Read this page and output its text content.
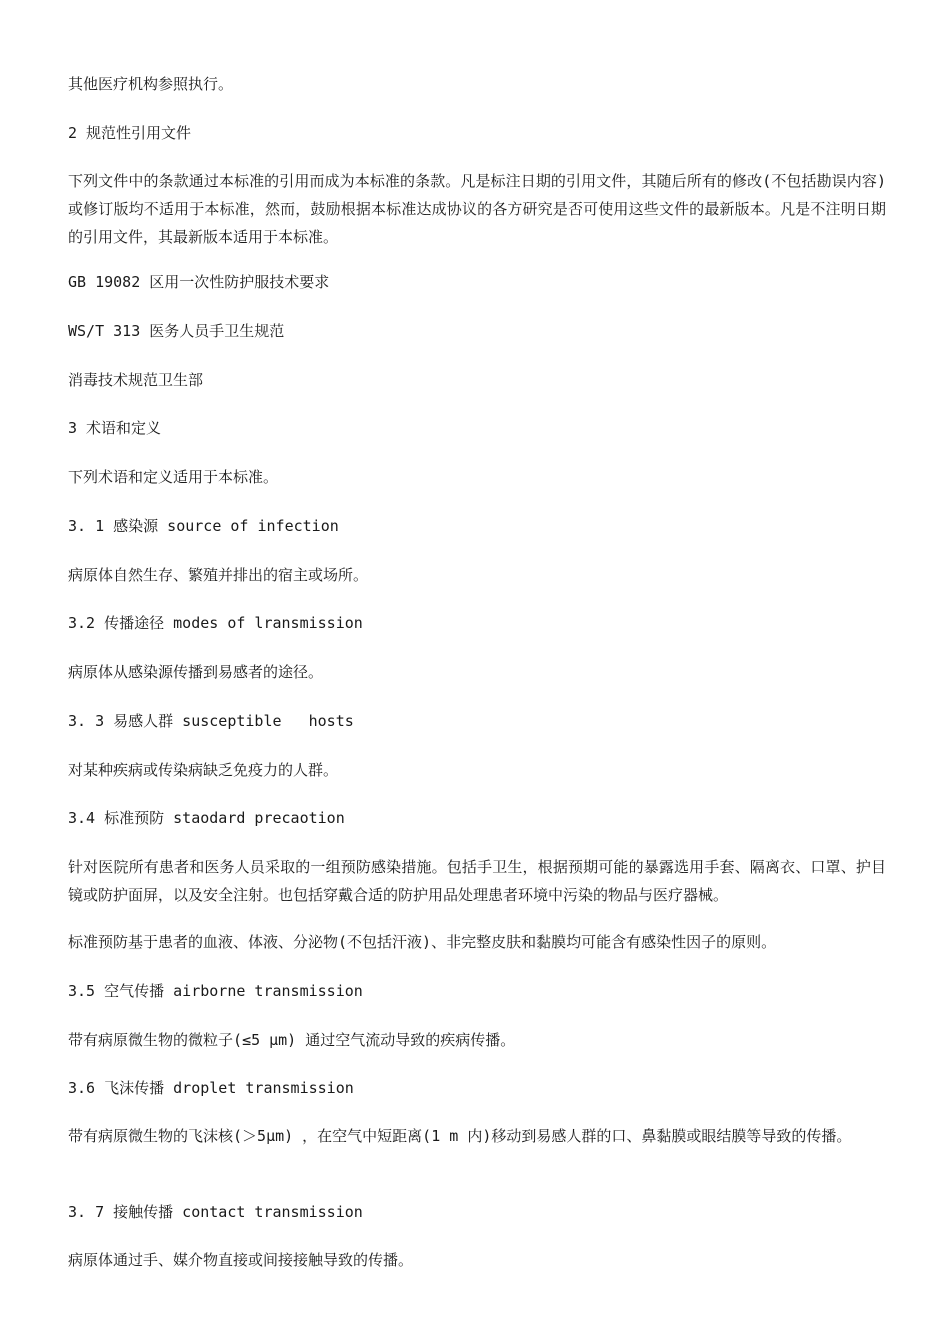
其他医疗机构参照执行。

2 规范性引用文件

下列文件中的条款通过本标准的引用而成为本标准的条款。凡是标注日期的引用文件，其随后所有的修改(不包括勘误内容)或修订版均不适用于本标准，然而，鼓励根据本标准达成协议的各方研究是否可使用这些文件的最新版本。凡是不注明日期的引用文件，其最新版本适用于本标准。

GB 19082 区用一次性防护服技术要求

WS/T 313 医务人员手卫生规范

消毒技术规范卫生部

3 术语和定义

下列术语和定义适用于本标准。

3. 1 感染源 source of infection

病原体自然生存、繁殖并排出的宿主或场所。

3.2 传播途径 modes of lransmission

病原体从感染源传播到易感者的途径。

3. 3 易感人群 susceptible   hosts

对某种疾病或传染病缺乏免疫力的人群。

3.4 标准预防 staodard precaotion

针对医院所有患者和医务人员采取的一组预防感染措施。包括手卫生，根据预期可能的暴露选用手套、隔离衣、口罩、护目镜或防护面屏，以及安全注射。也包括穿戴合适的防护用品处理患者环境中污染的物品与医疗器械。

标准预防基于患者的血液、体液、分泌物(不包括汗液)、非完整皮肤和黏膜均可能含有感染性因子的原则。

3.5 空气传播 airborne transmission

带有病原微生物的微粒子(≤5 μm) 通过空气流动导致的疾病传播。

3.6 飞沫传播 droplet transmission

带有病原微生物的飞沫核(＞5μm) ，在空气中短距离(1 m 内)移动到易感人群的口、鼻黏膜或眼结膜等导致的传播。

3. 7 接触传播 contact transmission

病原体通过手、媒介物直接或间接接触导致的传播。
